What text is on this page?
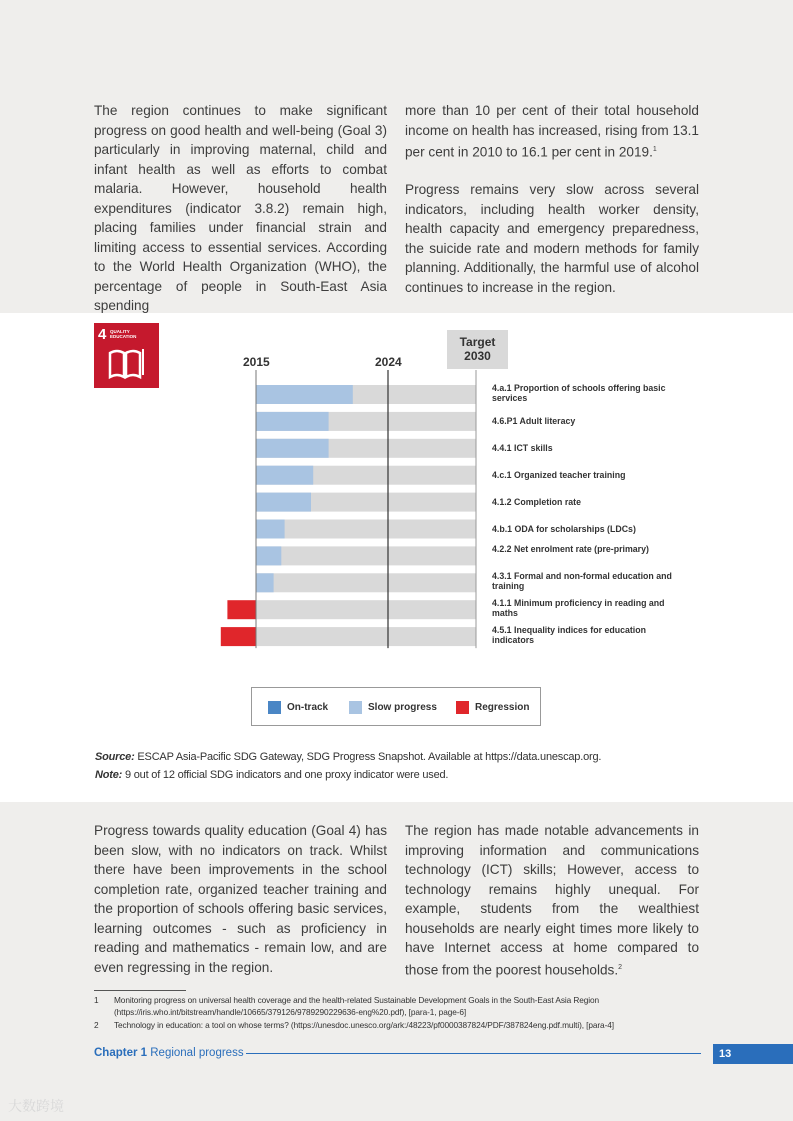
The region continues to make significant progress on good health and well-being (Goal 3) particularly in improving maternal, child and infant health as well as efforts to combat malaria. However, household health expenditures (indicator 3.8.2) remain high, placing families under financial strain and limiting access to essential services. According to the World Health Organization (WHO), the percentage of people in South-East Asia spending

more than 10 per cent of their total household income on health has increased, rising from 13.1 per cent in 2010 to 16.1 per cent in 2019.$^1$

Progress remains very slow across several indicators, including health worker density, health capacity and emergency preparedness, the suicide rate and modern methods for family planning. Additionally, the harmful use of alcohol continues to increase in the region.

4 QUALITY
EDUCATION	Target
2030
2015	2024
4.a.1 Proportion of schools offering basic services
4.6.P1 Adult literacy
4.4.1 ICT skills
4.c.1 Organized teacher training
4.1.2 Completion rate
4.b.1 ODA for scholarships (LDCs)
4.2.2 Net enrolment rate (pre-primary)
4.3.1 Formal and non-formal education and training
4.1.1 Minimum proficiency in reading and maths
4.5.1 Inequality indices for education indicators
On-track	Slow progress	Regression
Source: ESCAP Asia-Pacific SDG Gateway, SDG Progress Snapshot. Available at https://data.unescap.org.
Note: 9 out of 12 official SDG indicators and one proxy indicator were used.

Progress towards quality education (Goal 4) has been slow, with no indicators on track. Whilst there have been improvements in the school completion rate, organized teacher training and the proportion of schools offering basic services, learning outcomes - such as proficiency in reading and mathematics - remain low, and are even regressing in the region.

The region has made notable advancements in improving information and communications technology (ICT) skills; However, access to technology remains highly unequal. For example, students from the wealthiest households are nearly eight times more likely to have Internet access at home compared to those from the poorest households.$^2$

1 Monitoring progress on universal health coverage and the health-related Sustainable Development Goals in the South-East Asia Region
(https://iris.who.int/bitstream/handle/10665/379126/9789290229636-eng%20.pdf), [para-1, page-6]
2 Technology in education: a tool on whose terms? (https://unesdoc.unesco.org/ark:/48223/pf0000387824/PDF/387824eng.pdf.multi), [para-4]
Chapter 1 Regional progress	13
大数跨境
